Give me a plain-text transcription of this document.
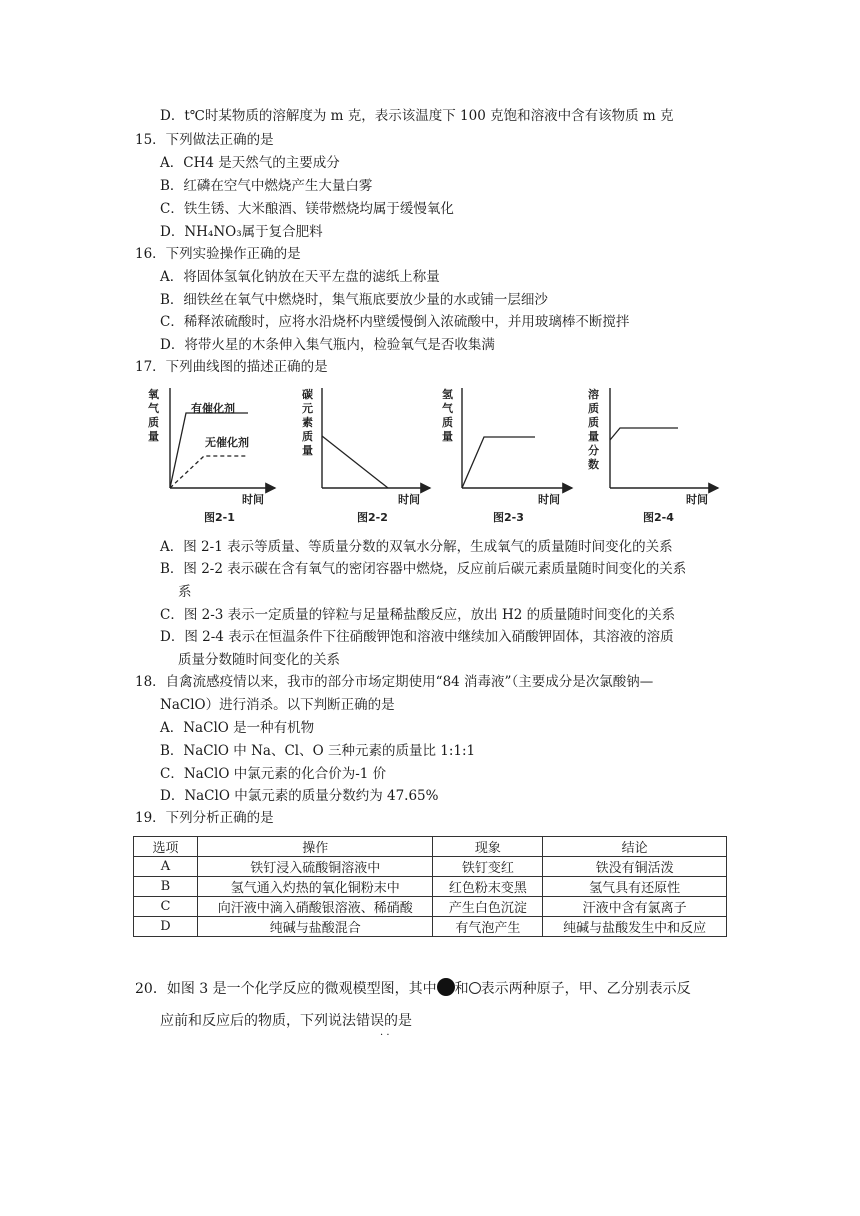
D．t℃时某物质的溶解度为 m 克，表示该温度下 100 克饱和溶液中含有该物质 m 克
15．下列做法正确的是
A．CH4 是天然气的主要成分
B．红磷在空气中燃烧产生大量白雾
C．铁生锈、大米酿酒、镁带燃烧均属于缓慢氧化
D．NH₄NO₃属于复合肥料
16．下列实验操作正确的是
A．将固体氢氧化钠放在天平左盘的滤纸上称量
B．细铁丝在氧气中燃烧时，集气瓶底要放少量的水或铺一层细沙
C．稀释浓硫酸时，应将水沿烧杯内壁缓慢倒入浓硫酸中，并用玻璃棒不断搅拌
D．将带火星的木条伸入集气瓶内，检验氧气是否收集满
17．下列曲线图的描述正确的是
有催化剂
无催化剂
氧
气
质
量
时间
图2-1
碳
元
素
质
量
时间
图2-2
氢
气
质
量
时间
图2-3
溶
质
质
量
分
数
时间
图2-4
A．图 2-1 表示等质量、等质量分数的双氧水分解，生成氧气的质量随时间变化的关系
B．图 2-2 表示碳在含有氧气的密闭容器中燃烧，反应前后碳元素质量随时间变化的关系
系
C．图 2-3 表示一定质量的锌粒与足量稀盐酸反应，放出 H2 的质量随时间变化的关系
D．图 2-4 表示在恒温条件下往硝酸钾饱和溶液中继续加入硝酸钾固体，其溶液的溶质
质量分数随时间变化的关系
18．自禽流感疫情以来，我市的部分市场定期使用“84 消毒液”（主要成分是次氯酸钠—
NaClO）进行消杀。以下判断正确的是
A．NaClO 是一种有机物
B．NaClO 中 Na、Cl、O 三种元素的质量比 1:1:1
C．NaClO 中氯元素的化合价为-1 价
D．NaClO 中氯元素的质量分数约为 47.65%
19．下列分析正确的是
选项	操作	现象	结论
A	铁钉浸入硫酸铜溶液中	铁钉变红	铁没有铜活泼
B	氢气通入灼热的氧化铜粉末中	红色粉末变黑	氢气具有还原性
C	向汗液中滴入硝酸银溶液、稀硝酸	产生白色沉淀	汗液中含有氯离子
D	纯碱与盐酸混合	有气泡产生	纯碱与盐酸发生中和反应
20．如图 3 是一个化学反应的微观模型图，其中 和 表示两种原子，甲、乙分别表示反
应前和反应后的物质，下列说法错误的是
· ·
